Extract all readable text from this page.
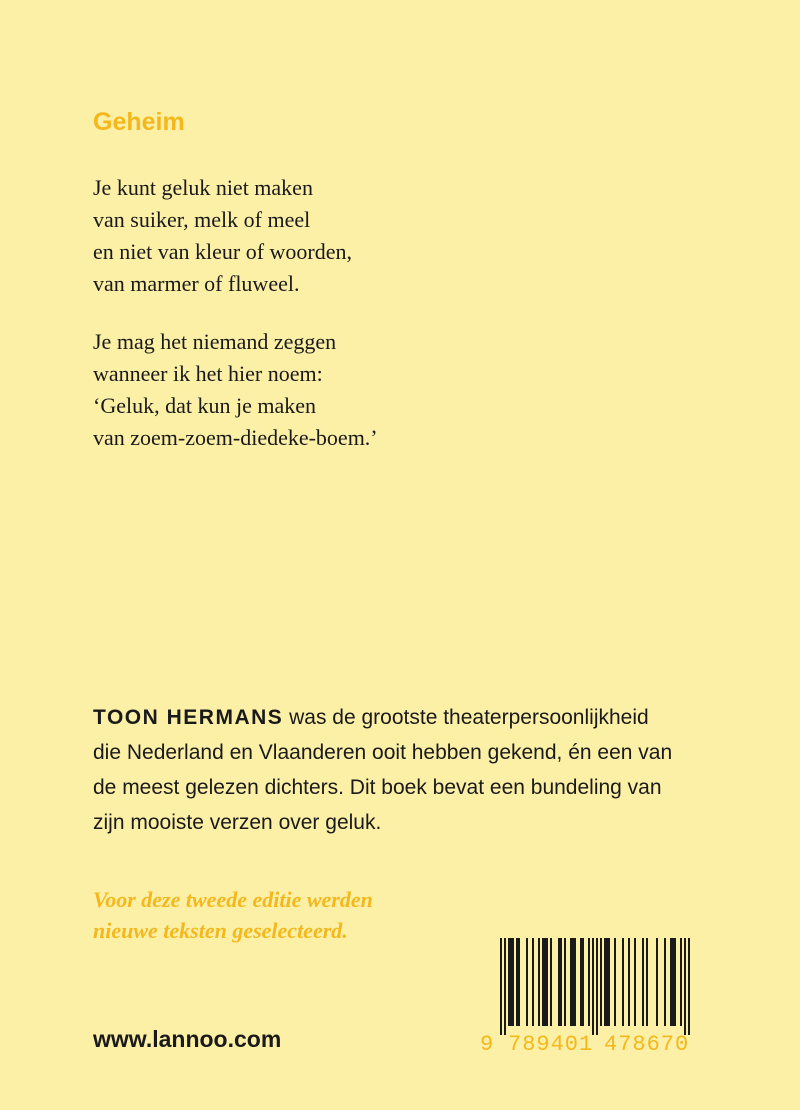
Geheim
Je kunt geluk niet maken
van suiker, melk of meel
en niet van kleur of woorden,
van marmer of fluweel.
Je mag het niemand zeggen
wanneer ik het hier noem:
‘Geluk, dat kun je maken
van zoem-zoem-diedeke-boem.’
TOON HERMANS was de grootste theaterpersoonlijkheid
die Nederland en Vlaanderen ooit hebben gekend, én een van
de meest gelezen dichters. Dit boek bevat een bundeling van
zijn mooiste verzen over geluk.
Voor deze tweede editie werden
nieuwe teksten geselecteerd.
www.lannoo.com	9 789401 478670
